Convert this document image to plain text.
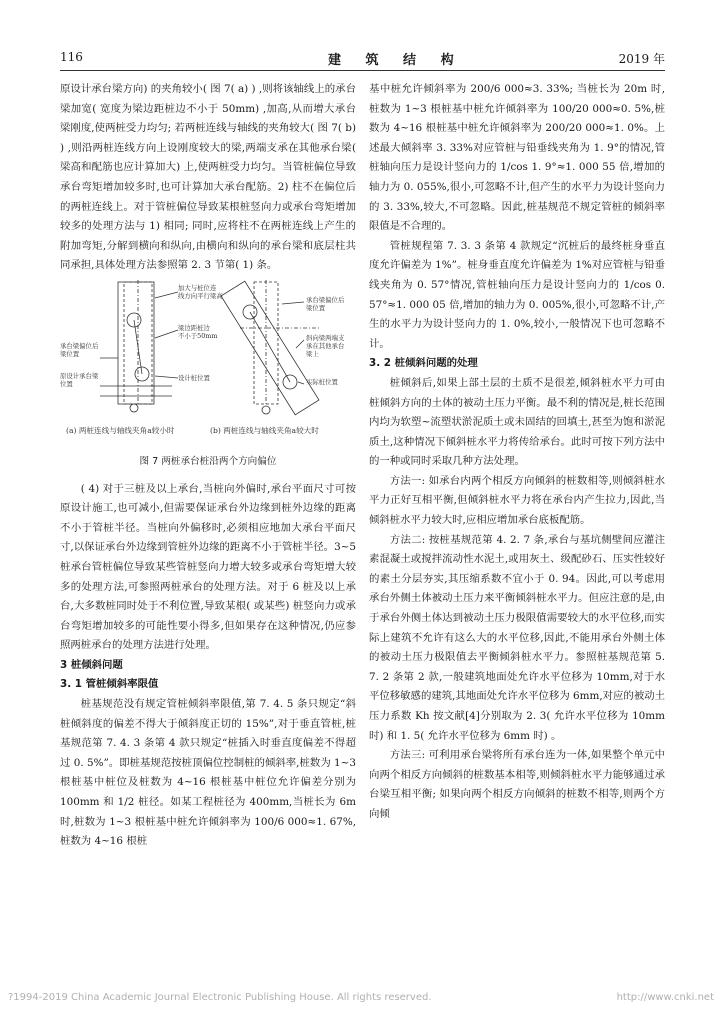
116	建 筑 结 构	2019 年

原设计承台梁方向) 的夹角较小( 图 7( a) ) ,则将该轴线上的承台梁加宽( 宽度为梁边距桩边不小于 50mm) ,加高,从而增大承台梁刚度,使两桩受力均匀; 若两桩连线与轴线的夹角较大( 图 7( b) ) ,则沿两桩连线方向上设刚度较大的梁,两端支承在其他承台梁( 梁高和配筋也应计算加大) 上,使两桩受力均匀。当管桩偏位导致承台弯矩增加较多时,也可计算加大承台配筋。2) 柱不在偏位后的两桩连线上。对于管桩偏位导致某根桩竖向力或承台弯矩增加较多的处理方法与 1) 相同; 同时,应将柱不在两桩连线上产生的附加弯矩,分解到横向和纵向,由横向和纵向的承台梁和底层柱共同承担,具体处理方法参照第 2. 3 节第( 1) 条。

承台梁偏位后
梁位置
原设计承台梁
位置
加大与桩位连
线方向平行梁高
梁边距桩边
不小于50mm
设计桩位置
承台梁偏位后
梁位置
斜向梁两端支
承在其他承台
梁上
实际桩位置
(a) 两桩连线与轴线夹角a较小时	(b) 两桩连线与轴线夹角a较大时
图 7 两桩承台桩沿两个方向偏位

( 4) 对于三桩及以上承台,当桩向外偏时,承台平面尺寸可按原设计施工,也可减小,但需要保证承台外边缘到桩外边缘的距离不小于管桩半径。当桩向外偏移时,必须相应地加大承台平面尺寸,以保证承台外边缘到管桩外边缘的距离不小于管桩半径。3~5桩承台管桩偏位导致某些管桩竖向力增大较多或承台弯矩增大较多的处理方法,可参照两桩承台的处理方法。对于 6 桩及以上承台,大多数桩同时处于不利位置,导致某根( 或某些) 桩竖向力或承台弯矩增加较多的可能性要小得多,但如果存在这种情况,仍应参照两桩承台的处理方法进行处理。

3 桩倾斜问题

3. 1 管桩倾斜率限值

桩基规范没有规定管桩倾斜率限值,第 7. 4. 5 条只规定“斜桩倾斜度的偏差不得大于倾斜度正切的 15%”,对于垂直管桩,桩基规范第 7. 4. 3 条第 4 款只规定“桩插入时垂直度偏差不得超过 0. 5%”。即桩基规范按桩顶偏位控制桩的倾斜率,桩数为 1~3 根桩基中桩位及桩数为 4~16 根桩基中桩位允许偏差分别为 100mm 和 1/2 桩径。如某工程桩径为 400mm,当桩长为 6m 时,桩数为 1~3 根桩基中桩允许倾斜率为 100/6 000≈1. 67%,桩数为 4~16 根桩

基中桩允许倾斜率为 200/6 000≈3. 33%; 当桩长为 20m 时,桩数为 1~3 根桩基中桩允许倾斜率为 100/20 000≈0. 5%,桩数为 4~16 根桩基中桩允许倾斜率为 200/20 000≈1. 0%。上述最大倾斜率 3. 33%对应管桩与铅垂线夹角为 1. 9°的情况,管桩轴向压力是设计竖向力的 1/cos 1. 9°≈1. 000 55 倍,增加的轴力为 0. 055%,很小,可忽略不计,但产生的水平力为设计竖向力的 3. 33%,较大,不可忽略。因此,桩基规范不规定管桩的倾斜率限值是不合理的。

管桩规程第 7. 3. 3 条第 4 款规定“沉桩后的最终桩身垂直度允许偏差为 1%”。桩身垂直度允许偏差为 1%对应管桩与铅垂线夹角为 0. 57°情况,管桩轴向压力是设计竖向力的 1/cos 0. 57°≈1. 000 05 倍,增加的轴力为 0. 005%,很小,可忽略不计,产生的水平力为设计竖向力的 1. 0%,较小,一般情况下也可忽略不计。

3. 2 桩倾斜问题的处理

桩倾斜后,如果上部土层的土质不是很差,倾斜桩水平力可由桩倾斜方向的土体的被动土压力平衡。最不利的情况是,桩长范围内均为软塑~流塑状淤泥质土或未固结的回填土,甚至为饱和淤泥质土,这种情况下倾斜桩水平力将传给承台。此时可按下列方法中的一种或同时采取几种方法处理。

方法一: 如承台内两个相反方向倾斜的桩数相等,则倾斜桩水平力正好互相平衡,但倾斜桩水平力将在承台内产生拉力,因此,当倾斜桩水平力较大时,应相应增加承台底板配筋。

方法二: 按桩基规范第 4. 2. 7 条,承台与基坑侧壁间应灌注素混凝土或搅拌流动性水泥土,或用灰土、级配砂石、压实性较好的素土分层夯实,其压缩系数不宜小于 0. 94。因此,可以考虑用承台外侧土体被动土压力来平衡倾斜桩水平力。但应注意的是,由于承台外侧土体达到被动土压力极限值需要较大的水平位移,而实际上建筑不允许有这么大的水平位移,因此,不能用承台外侧土体的被动土压力极限值去平衡倾斜桩水平力。参照桩基规范第 5. 7. 2 条第 2 款,一般建筑地面处允许水平位移为 10mm,对于水平位移敏感的建筑,其地面处允许水平位移为 6mm,对应的被动土压力系数 Kh 按文献[4]分别取为 2. 3( 允许水平位移为 10mm 时) 和 1. 5( 允许水平位移为 6mm 时) 。

方法三: 可利用承台梁将所有承台连为一体,如果整个单元中向两个相反方向倾斜的桩数基本相等,则倾斜桩水平力能够通过承台梁互相平衡; 如果向两个相反方向倾斜的桩数不相等,则两个方向倾

?1994-2019 China Academic Journal Electronic Publishing House. All rights reserved.	http://www.cnki.net
